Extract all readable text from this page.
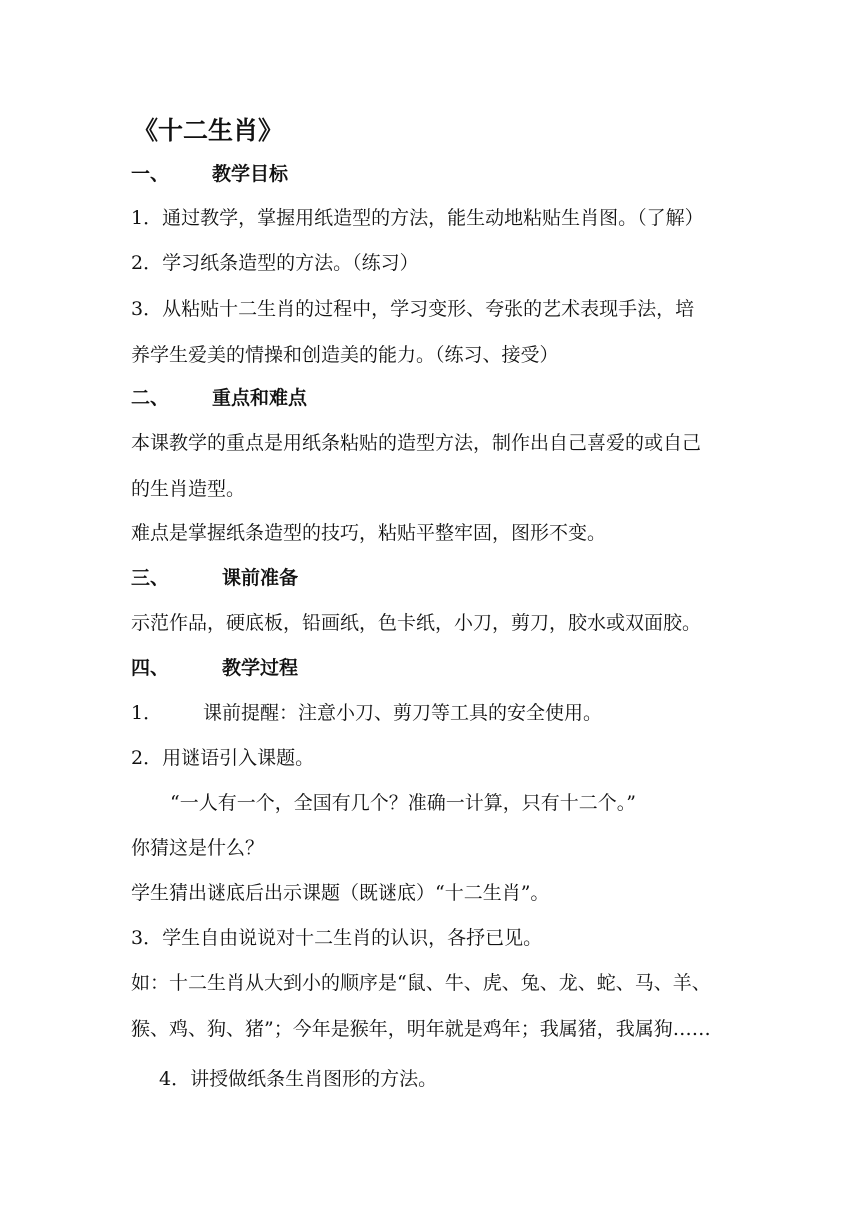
《十二生肖》
一、 教学目标
1．通过教学，掌握用纸造型的方法，能生动地粘贴生肖图。（了解）
2．学习纸条造型的方法。（练习）
3．从粘贴十二生肖的过程中，学习变形、夸张的艺术表现手法，培
养学生爱美的情操和创造美的能力。（练习、接受）
二、 重点和难点
本课教学的重点是用纸条粘贴的造型方法，制作出自己喜爱的或自己
的生肖造型。
难点是掌握纸条造型的技巧，粘贴平整牢固，图形不变。
三、	课前准备
示范作品，硬底板，铅画纸，色卡纸，小刀，剪刀，胶水或双面胶。
四、	教学过程
1． 课前提醒：注意小刀、剪刀等工具的安全使用。
2．用谜语引入课题。
“一人有一个，全国有几个？准确一计算，只有十二个。”
你猜这是什么？
学生猜出谜底后出示课题（既谜底）“十二生肖”。
3．学生自由说说对十二生肖的认识，各抒已见。
如：十二生肖从大到小的顺序是“鼠、牛、虎、兔、龙、蛇、马、羊、
猴、鸡、狗、猪”；今年是猴年，明年就是鸡年；我属猪，我属狗……
4．讲授做纸条生肖图形的方法。
